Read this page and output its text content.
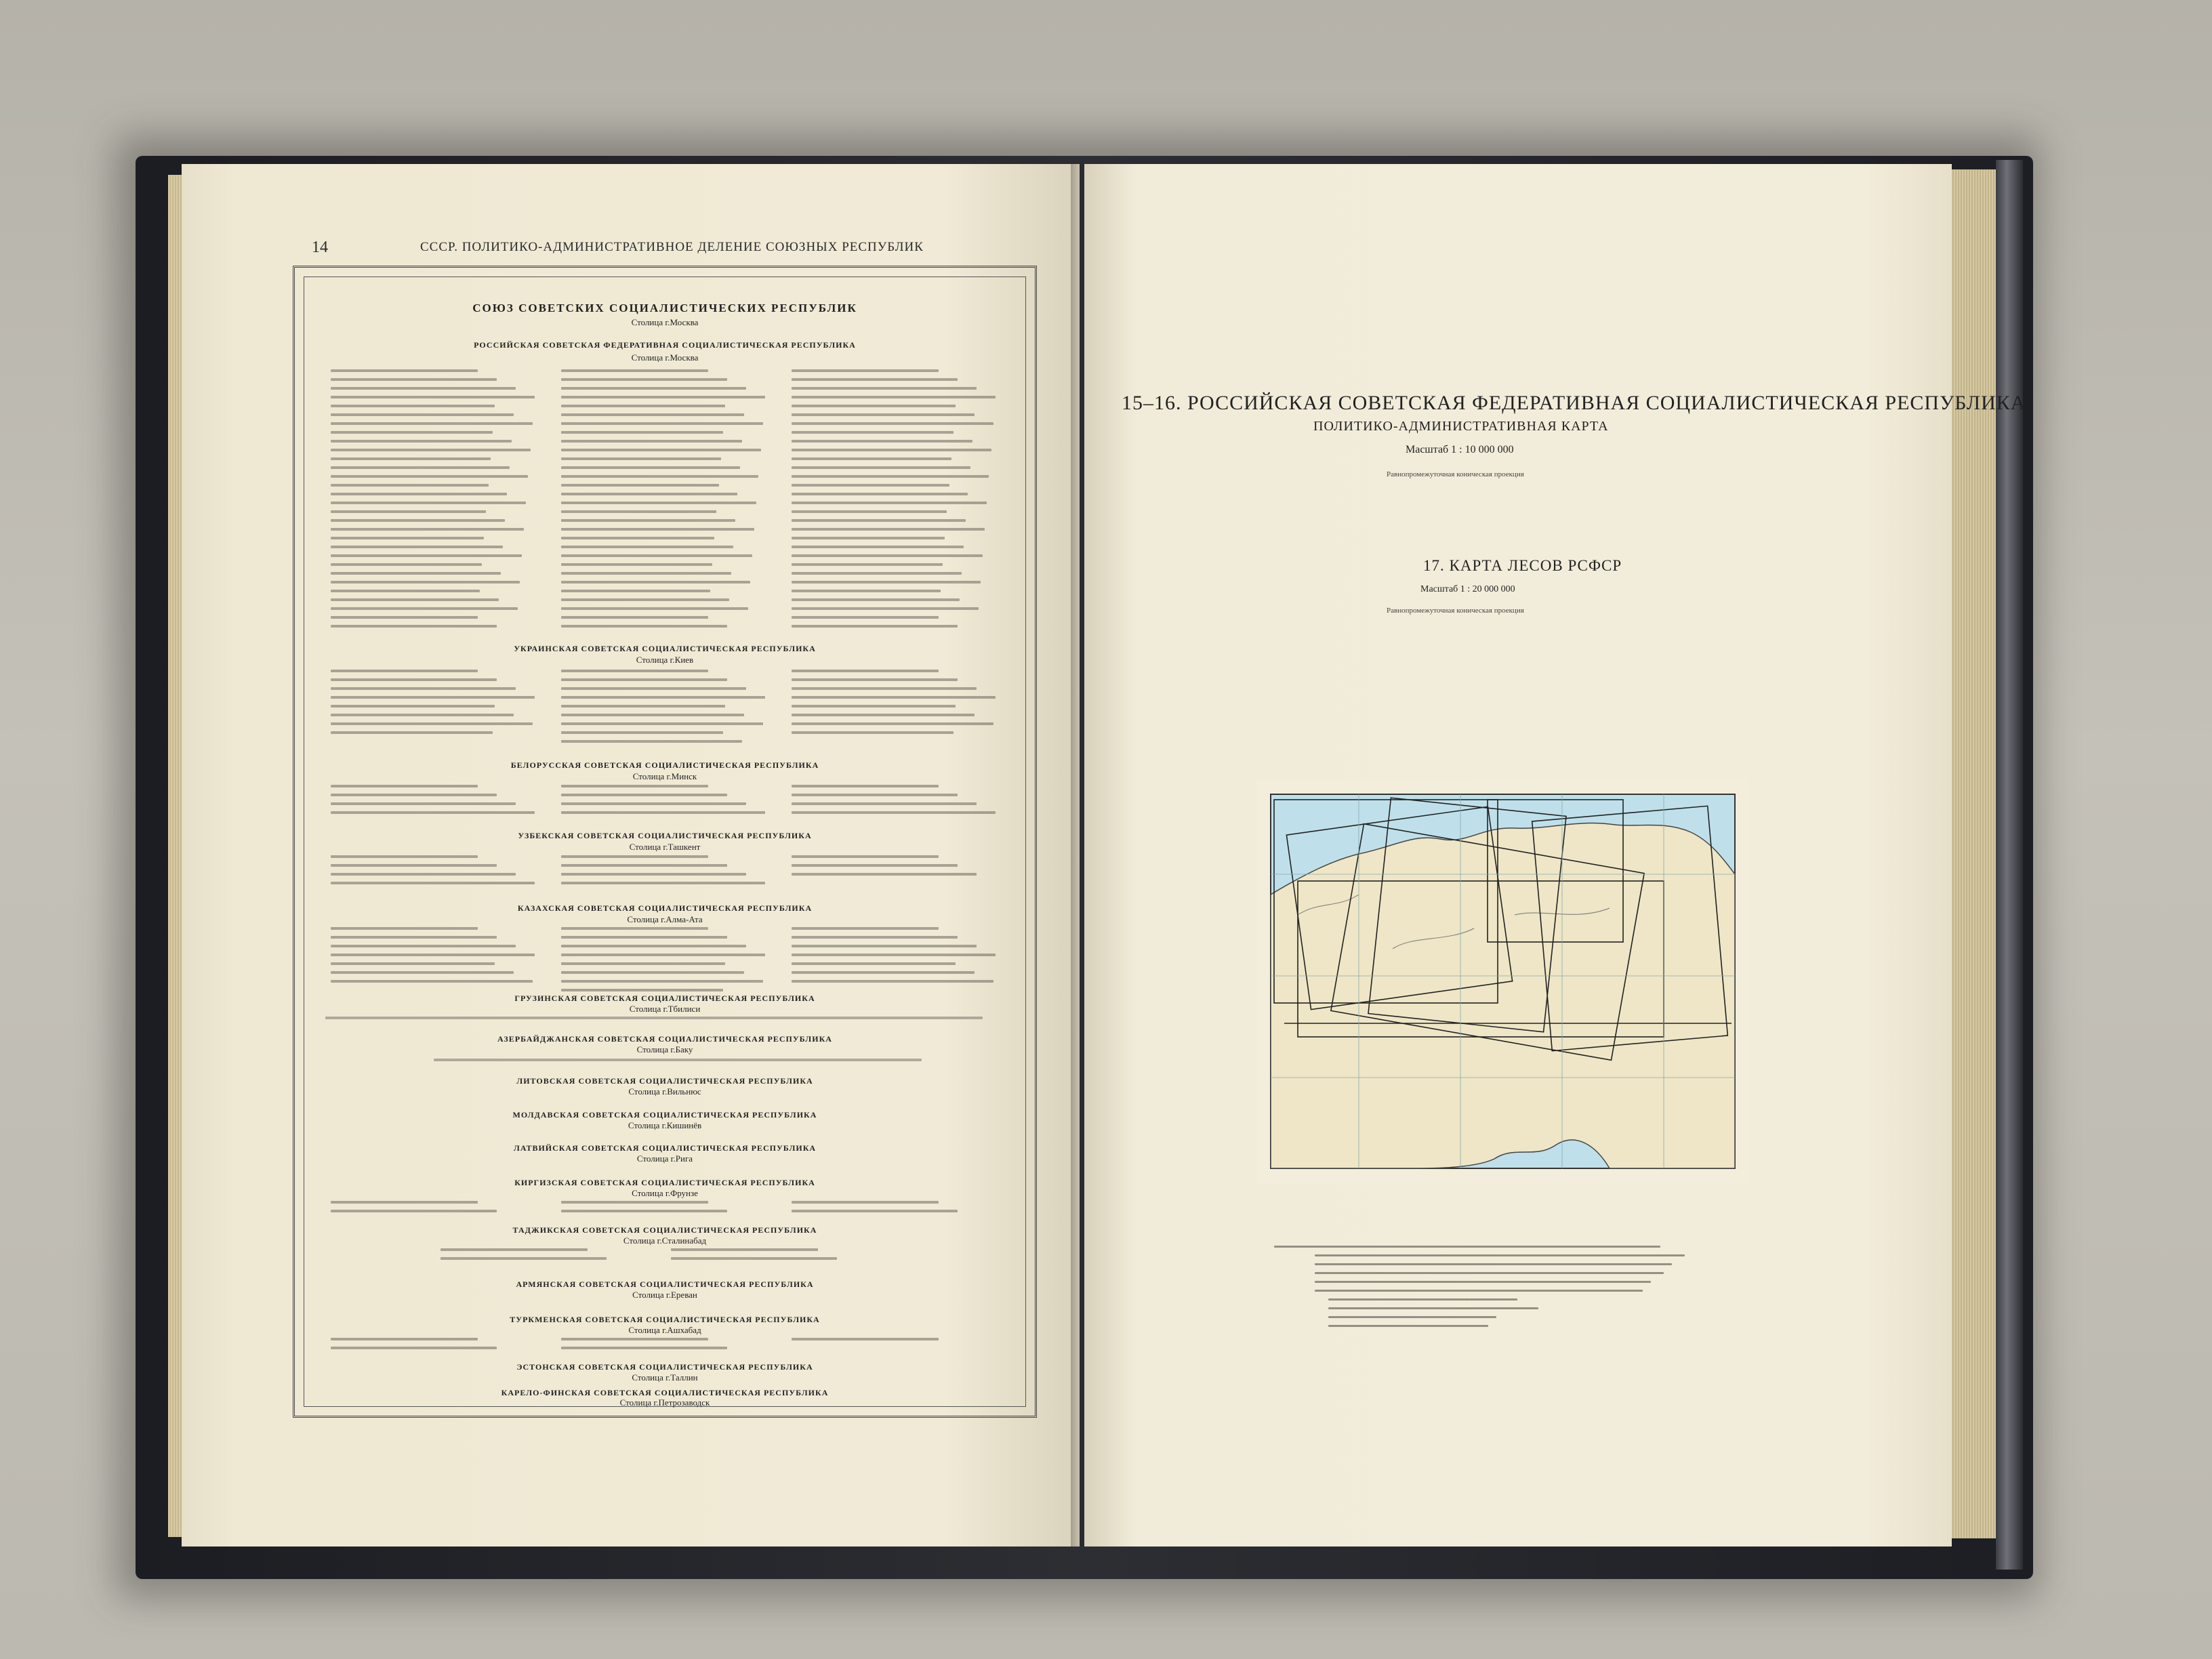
14	СССР. ПОЛИТИКО-АДМИНИСТРАТИВНОЕ ДЕЛЕНИЕ СОЮЗНЫХ РЕСПУБЛИК
СОЮЗ СОВЕТСКИХ СОЦИАЛИСТИЧЕСКИХ РЕСПУБЛИК
Столица г.Москва
РОССИЙСКАЯ СОВЕТСКАЯ ФЕДЕРАТИВНАЯ СОЦИАЛИСТИЧЕСКАЯ РЕСПУБЛИКА
Столица г.Москва
УКРАИНСКАЯ СОВЕТСКАЯ СОЦИАЛИСТИЧЕСКАЯ РЕСПУБЛИКА
Столица г.Киев
БЕЛОРУССКАЯ СОВЕТСКАЯ СОЦИАЛИСТИЧЕСКАЯ РЕСПУБЛИКА
Столица г.Минск
УЗБЕКСКАЯ СОВЕТСКАЯ СОЦИАЛИСТИЧЕСКАЯ РЕСПУБЛИКА
Столица г.Ташкент
КАЗАХСКАЯ СОВЕТСКАЯ СОЦИАЛИСТИЧЕСКАЯ РЕСПУБЛИКА
Столица г.Алма-Ата
ГРУЗИНСКАЯ СОВЕТСКАЯ СОЦИАЛИСТИЧЕСКАЯ РЕСПУБЛИКА
Столица г.Тбилиси
АЗЕРБАЙДЖАНСКАЯ СОВЕТСКАЯ СОЦИАЛИСТИЧЕСКАЯ РЕСПУБЛИКА
Столица г.Баку
ЛИТОВСКАЯ СОВЕТСКАЯ СОЦИАЛИСТИЧЕСКАЯ РЕСПУБЛИКА
Столица г.Вильнюс
МОЛДАВСКАЯ СОВЕТСКАЯ СОЦИАЛИСТИЧЕСКАЯ РЕСПУБЛИКА
Столица г.Кишинёв
ЛАТВИЙСКАЯ СОВЕТСКАЯ СОЦИАЛИСТИЧЕСКАЯ РЕСПУБЛИКА
Столица г.Рига
КИРГИЗСКАЯ СОВЕТСКАЯ СОЦИАЛИСТИЧЕСКАЯ РЕСПУБЛИКА
Столица г.Фрунзе
ТАДЖИКСКАЯ СОВЕТСКАЯ СОЦИАЛИСТИЧЕСКАЯ РЕСПУБЛИКА
Столица г.Сталинабад
АРМЯНСКАЯ СОВЕТСКАЯ СОЦИАЛИСТИЧЕСКАЯ РЕСПУБЛИКА
Столица г.Ереван
ТУРКМЕНСКАЯ СОВЕТСКАЯ СОЦИАЛИСТИЧЕСКАЯ РЕСПУБЛИКА
Столица г.Ашхабад
ЭСТОНСКАЯ СОВЕТСКАЯ СОЦИАЛИСТИЧЕСКАЯ РЕСПУБЛИКА
Столица г.Таллин
КАРЕЛО-ФИНСКАЯ СОВЕТСКАЯ СОЦИАЛИСТИЧЕСКАЯ РЕСПУБЛИКА
Столица г.Петрозаводск
15–16. РОССИЙСКАЯ СОВЕТСКАЯ ФЕДЕРАТИВНАЯ СОЦИАЛИСТИЧЕСКАЯ РЕСПУБЛИКА
ПОЛИТИКО-АДМИНИСТРАТИВНАЯ КАРТА
Масштаб 1 : 10 000 000
Равнопромежуточная коническая проекция
17. КАРТА ЛЕСОВ РСФСР
Масштаб 1 : 20 000 000
Равнопромежуточная коническая проекция
